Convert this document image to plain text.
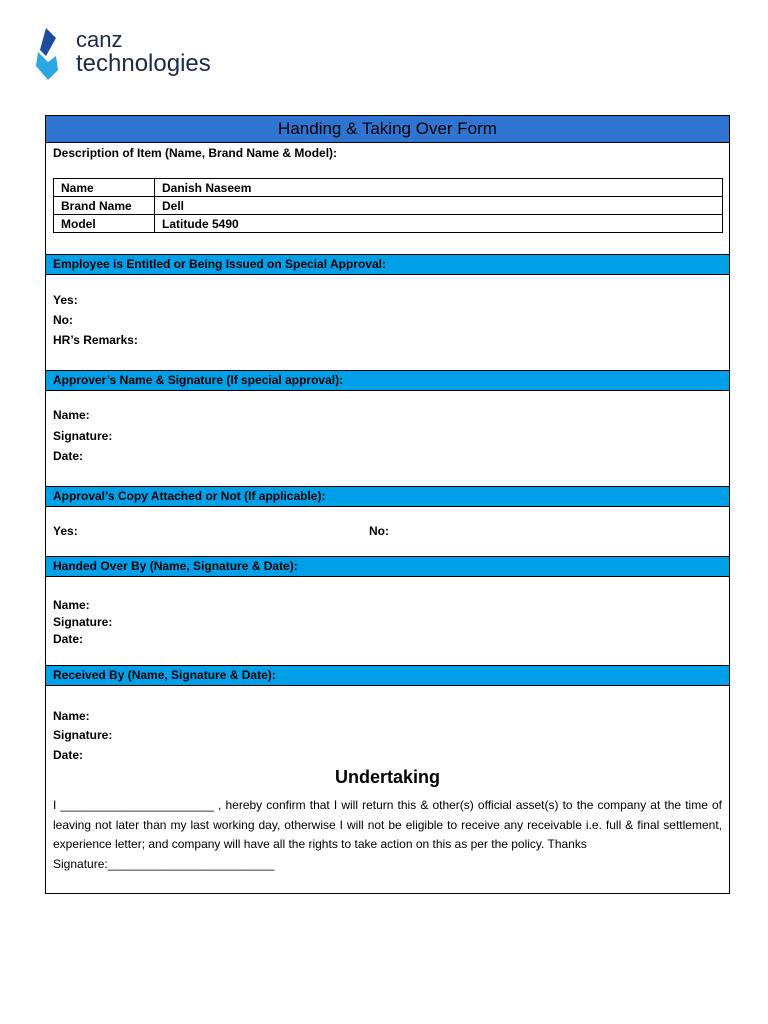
canz
technologies
Handing & Taking Over Form
Description of Item (Name, Brand Name & Model):
Name	Danish Naseem
Brand Name	Dell
Model	Latitude 5490
Employee is Entitled or Being Issued on Special Approval:
Yes:
No:
HR’s Remarks:
Approver’s Name & Signature (If special approval):
Name:
Signature:
Date:
Approval’s Copy Attached or Not (If applicable):
Yes:	No:
Handed Over By (Name, Signature & Date):
Name:
Signature:
Date:
Received By (Name, Signature & Date):
Name:
Signature:
Date:
Undertaking
I _______________________ , hereby confirm that I will return this & other(s) official asset(s) to the company at the time of leaving not later than my last working day, otherwise I will not be eligible to receive any receivable i.e. full & final settlement, experience letter; and company will have all the rights to take action on this as per the policy. Thanks
Signature:_________________________
